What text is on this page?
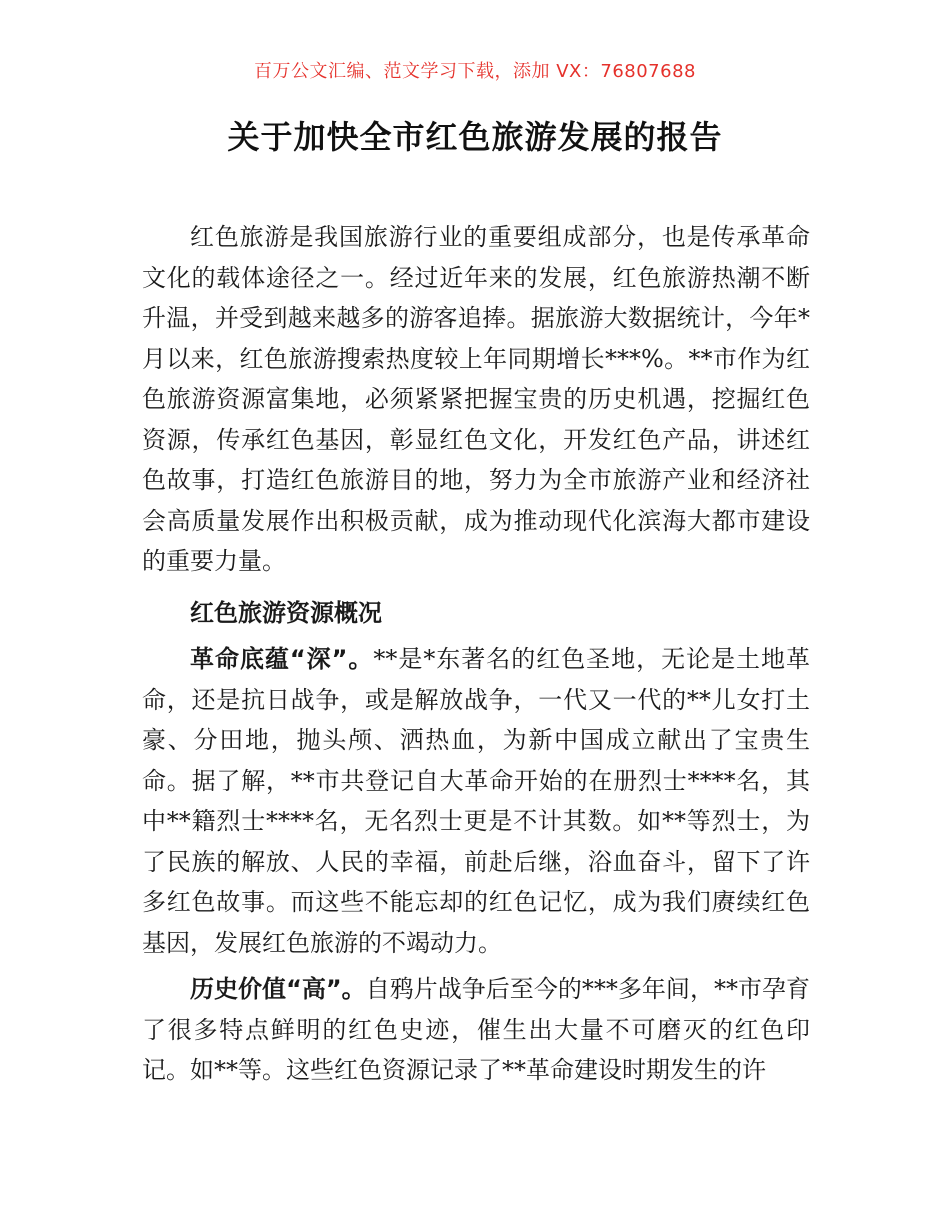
百万公文汇编、范文学习下载，添加 VX：76807688
关于加快全市红色旅游发展的报告

红色旅游是我国旅游行业的重要组成部分，也是传承革命文化的载体途径之一。经过近年来的发展，红色旅游热潮不断升温，并受到越来越多的游客追捧。据旅游大数据统计，今年*月以来，红色旅游搜索热度较上年同期增长***%。**市作为红色旅游资源富集地，必须紧紧把握宝贵的历史机遇，挖掘红色资源，传承红色基因，彰显红色文化，开发红色产品，讲述红色故事，打造红色旅游目的地，努力为全市旅游产业和经济社会高质量发展作出积极贡献，成为推动现代化滨海大都市建设的重要力量。

红色旅游资源概况

革命底蕴“深”。**是*东著名的红色圣地，无论是土地革命，还是抗日战争，或是解放战争，一代又一代的**儿女打土豪、分田地，抛头颅、洒热血，为新中国成立献出了宝贵生命。据了解，**市共登记自大革命开始的在册烈士****名，其中**籍烈士****名，无名烈士更是不计其数。如**等烈士，为了民族的解放、人民的幸福，前赴后继，浴血奋斗，留下了许多红色故事。而这些不能忘却的红色记忆，成为我们赓续红色基因，发展红色旅游的不竭动力。

历史价值“高”。自鸦片战争后至今的***多年间，**市孕育了很多特点鲜明的红色史迹，催生出大量不可磨灭的红色印记。如**等。这些红色资源记录了**革命建设时期发生的许
